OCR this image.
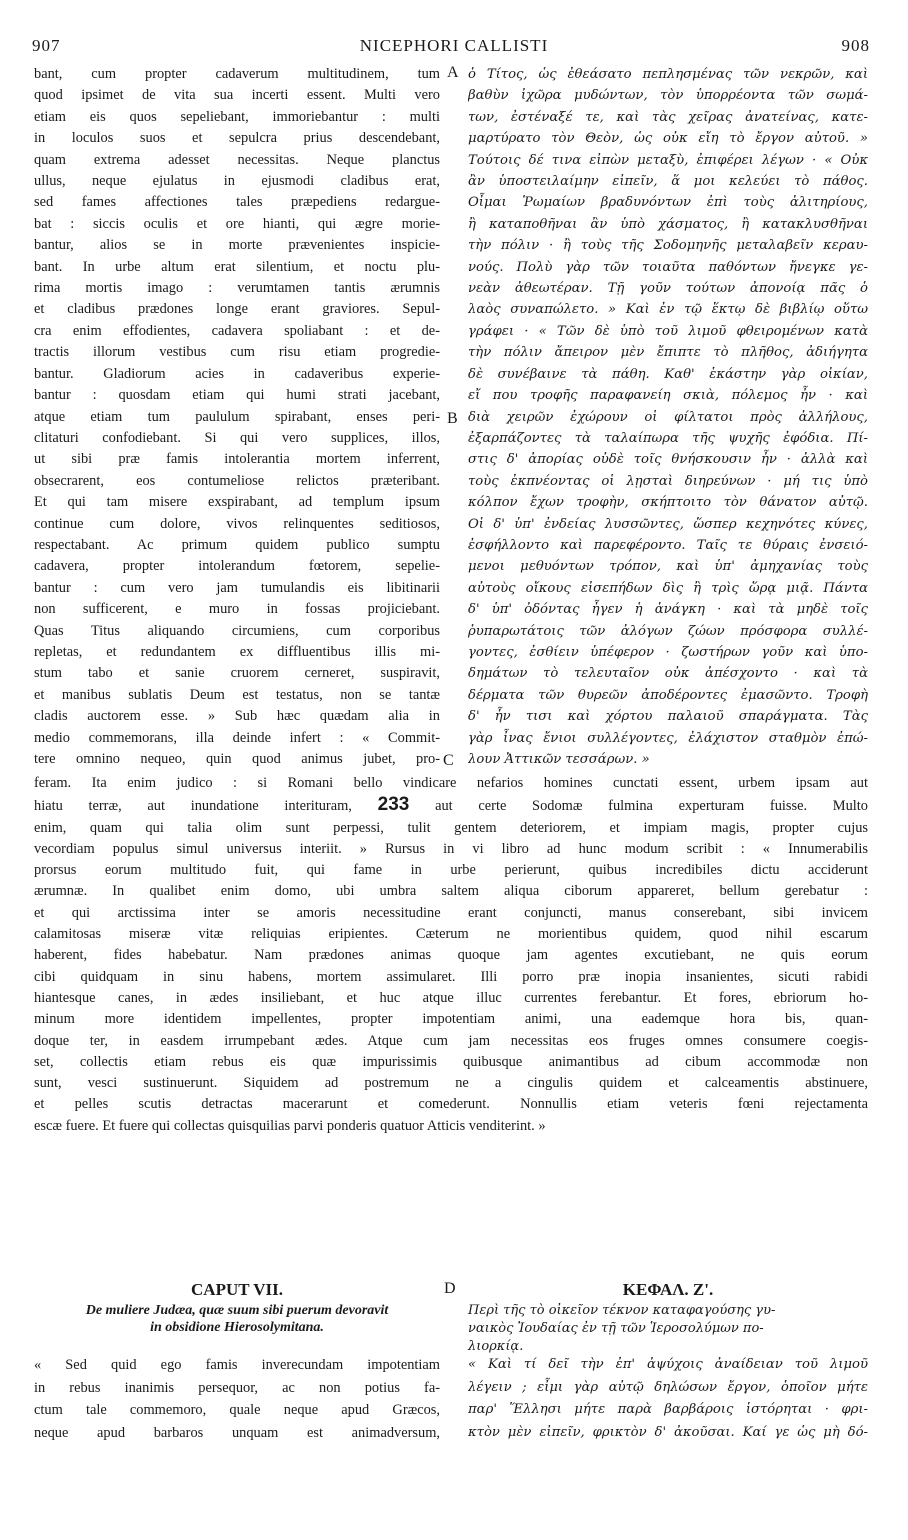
907	NICEPHORI CALLISTI	908
A
B
C
D
bant, cum propter cadaverum multitudinem, tum
quod ipsimet de vita sua incerti essent. Multi vero
etiam eis quos sepeliebant, immoriebantur : multi
in loculos suos et sepulcra prius descendebant,
quam extrema adesset necessitas. Neque planctus
ullus, neque ejulatus in ejusmodi cladibus erat,
sed fames affectiones tales præpediens redargue-
bat : siccis oculis et ore hianti, qui ægre morie-
bantur, alios se in morte prævenientes inspicie-
bant. In urbe altum erat silentium, et noctu plu-
rima mortis imago : verumtamen tantis ærumnis
et cladibus prædones longe erant graviores. Sepul-
cra enim effodientes, cadavera spoliabant : et de-
tractis illorum vestibus cum risu etiam progredie-
bantur. Gladiorum acies in cadaveribus experie-
bantur : quosdam etiam qui humi strati jacebant,
atque etiam tum paululum spirabant, enses peri-
clitaturi confodiebant. Si qui vero supplices, illos,
ut sibi præ famis intolerantia mortem inferrent,
obsecrarent, eos contumeliose relictos præteribant.
Et qui tam misere exspirabant, ad templum ipsum
continue cum dolore, vivos relinquentes seditiosos,
respectabant. Ac primum quidem publico sumptu
cadavera, propter intolerandum fœtorem, sepelie-
bantur : cum vero jam tumulandis eis libitinarii
non sufficerent, e muro in fossas projiciebant.
Quas Titus aliquando circumiens, cum corporibus
repletas, et redundantem ex diffluentibus illis mi-
stum tabo et sanie cruorem cerneret, suspiravit,
et manibus sublatis Deum est testatus, non se tantæ
cladis auctorem esse. » Sub hæc quædam alia in
medio commemorans, illa deinde infert : « Commit-
tere omnino nequeo, quin quod animus jubet, pro-
ὁ Τίτος, ὡς ἐθεάσατο πεπλησμένας τῶν νεκρῶν, καὶ
βαθὺν ἰχῶρα μυδώντων, τὸν ὑπορρέοντα τῶν σωμά-
των, ἐστέναξέ τε, καὶ τὰς χεῖρας ἀνατείνας, κατε-
μαρτύρατο τὸν Θεὸν, ὡς οὐκ εἴη τὸ ἔργον αὐτοῦ. »
Τούτοις δέ τινα εἰπὼν μεταξὺ, ἐπιφέρει λέγων · « Οὐκ
ἂν ὑποστειλαίμην εἰπεῖν, ἅ μοι κελεύει τὸ πάθος.
Οἶμαι Ῥωμαίων βραδυνόντων ἐπὶ τοὺς ἀλιτηρίους,
ἢ καταποθῆναι ἂν ὑπὸ χάσματος, ἢ κατακλυσθῆναι
τὴν πόλιν · ἢ τοὺς τῆς Σοδομηνῆς μεταλαβεῖν κεραυ-
νούς. Πολὺ γὰρ τῶν τοιαῦτα παθόντων ἤνεγκε γε-
νεὰν ἀθεωτέραν. Τῇ γοῦν τούτων ἀπονοίᾳ πᾶς ὁ
λαὸς συναπώλετο. » Καὶ ἐν τῷ ἕκτῳ δὲ βιβλίῳ οὕτω
γράφει · « Τῶν δὲ ὑπὸ τοῦ λιμοῦ φθειρομένων κατὰ
τὴν πόλιν ἄπειρον μὲν ἔπιπτε τὸ πλῆθος, ἀδιήγητα
δὲ συνέβαινε τὰ πάθη. Καθ' ἑκάστην γὰρ οἰκίαν,
εἴ που τροφῆς παραφανείη σκιὰ, πόλεμος ἦν · καὶ
διὰ χειρῶν ἐχώρουν οἱ φίλτατοι πρὸς ἀλλήλους,
ἐξαρπάζοντες τὰ ταλαίπωρα τῆς ψυχῆς ἐφόδια. Πί-
στις δ' ἀπορίας οὐδὲ τοῖς θνήσκουσιν ἦν · ἀλλὰ καὶ
τοὺς ἐκπνέοντας οἱ λῃσταὶ διηρεύνων · μή τις ὑπὸ
κόλπον ἔχων τροφὴν, σκήπτοιτο τὸν θάνατον αὐτῷ.
Οἱ δ' ὑπ' ἐνδείας λυσσῶντες, ὥσπερ κεχηνότες κύνες,
ἐσφήλλοντο καὶ παρεφέροντο. Ταῖς τε θύραις ἐνσειό-
μενοι μεθυόντων τρόπον, καὶ ὑπ' ἀμηχανίας τοὺς
αὐτοὺς οἴκους εἰσεπήδων δὶς ἢ τρὶς ὥρᾳ μιᾷ. Πάντα
δ' ὑπ' ὀδόντας ἦγεν ἡ ἀνάγκη · καὶ τὰ μηδὲ τοῖς
ῥυπαρωτάτοις τῶν ἀλόγων ζώων πρόσφορα συλλέ-
γοντες, ἐσθίειν ὑπέφερον · ζωστήρων γοῦν καὶ ὑπο-
δημάτων τὸ τελευταῖον οὐκ ἀπέσχοντο · καὶ τὰ
δέρματα τῶν θυρεῶν ἀποδέροντες ἐμασῶντο. Τροφὴ
δ' ἦν τισι καὶ χόρτου παλαιοῦ σπαράγματα. Τὰς
γὰρ ἶνας ἔνιοι συλλέγοντες, ἐλάχιστον σταθμὸν ἐπώ-
λουν Ἀττικῶν τεσσάρων. »
feram. Ita enim judico : si Romani bello vindicare nefarios homines cunctati essent, urbem ipsam aut
hiatu terræ, aut inundatione interituram, 233 aut certe Sodomæ fulmina experturam fuisse. Multo
enim, quam qui talia olim sunt perpessi, tulit gentem deteriorem, et impiam magis, propter cujus
vecordiam populus simul universus interiit. » Rursus in vi libro ad hunc modum scribit : « Innumerabilis
prorsus eorum multitudo fuit, qui fame in urbe perierunt, quibus incredibiles dictu acciderunt
ærumnæ. In qualibet enim domo, ubi umbra saltem aliqua ciborum appareret, bellum gerebatur :
et qui arctissima inter se amoris necessitudine erant conjuncti, manus conserebant, sibi invicem
calamitosas miseræ vitæ reliquias eripientes. Cæterum ne morientibus quidem, quod nihil escarum
haberent, fides habebatur. Nam prædones animas quoque jam agentes excutiebant, ne quis eorum
cibi quidquam in sinu habens, mortem assimularet. Illi porro præ inopia insanientes, sicuti rabidi
hiantesque canes, in ædes insiliebant, et huc atque illuc currentes ferebantur. Et fores, ebriorum ho-
minum more identidem impellentes, propter impotentiam animi, una eademque hora bis, quan-
doque ter, in easdem irrumpebant ædes. Atque cum jam necessitas eos fruges omnes consumere coegis-
set, collectis etiam rebus eis quæ impurissimis quibusque animantibus ad cibum accommodæ non
sunt, vesci sustinuerunt. Siquidem ad postremum ne a cingulis quidem et calceamentis abstinuere,
et pelles scutis detractas macerarunt et comederunt. Nonnullis etiam veteris fœni rejectamenta
escæ fuere. Et fuere qui collectas quisquilias parvi ponderis quatuor Atticis venditerint. »
CAPUT VII.
De muliere Judæa, quæ suum sibi puerum devoravit
in obsidione Hierosolymitana.
« Sed quid ego famis inverecundam impotentiam
in rebus inanimis persequor, ac non potius fa-
ctum tale commemoro, quale neque apud Græcos,
neque apud barbaros unquam est animadversum,
ΚΕΦΑΛ. Ζ'.
Περὶ τῆς τὸ οἰκεῖον τέκνον καταφαγούσης γυ-
ναικὸς Ἰουδαίας ἐν τῇ τῶν Ἱεροσολύμων πο-
λιορκίᾳ.
« Καὶ τί δεῖ τὴν ἐπ' ἀψύχοις ἀναίδειαν τοῦ λιμοῦ
λέγειν ; εἶμι γὰρ αὐτῷ δηλώσων ἔργον, ὁποῖον μήτε
παρ' Ἕλλησι μήτε παρὰ βαρβάροις ἱστόρηται · φρι-
κτὸν μὲν εἰπεῖν, φρικτὸν δ' ἀκοῦσαι. Καί γε ὡς μὴ δό-
